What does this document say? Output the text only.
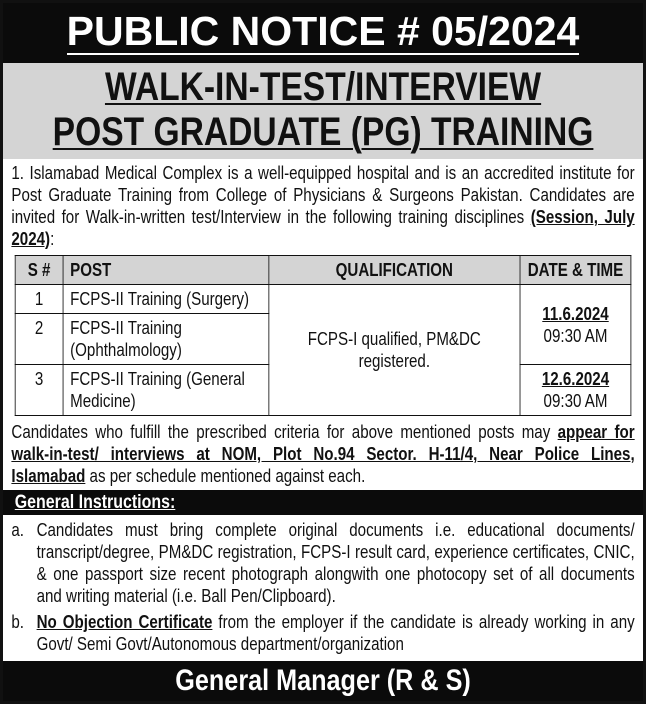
PUBLIC NOTICE # 05/2024
WALK-IN-TEST/INTERVIEW
POST GRADUATE (PG) TRAINING
1. Islamabad Medical Complex is a well-equipped hospital and is an accredited institute for Post Graduate Training from College of Physicians & Surgeons Pakistan. Candidates are invited for Walk-in-written test/Interview in the following training disciplines (Session, July 2024):
S #	POST	QUALIFICATION	DATE & TIME
1	FCPS-II Training (Surgery)	FCPS-I qualified, PM&DC registered.	11.6.2024
09:30 AM
2	FCPS-II Training (Ophthalmology)		
3	FCPS-II Training (General Medicine)		12.6.2024
09:30 AM
Candidates who fulfill the prescribed criteria for above mentioned posts may appear for walk-in-test/ interviews at NOM, Plot No.94 Sector. H-11/4, Near Police Lines, Islamabad as per schedule mentioned against each.
General Instructions:
a. Candidates must bring complete original documents i.e. educational documents/ transcript/degree, PM&DC registration, FCPS-I result card, experience certificates, CNIC, & one passport size recent photograph alongwith one photocopy set of all documents and writing material (i.e. Ball Pen/Clipboard).
b. No Objection Certificate from the employer if the candidate is already working in any Govt/ Semi Govt/Autonomous department/organization
General Manager (R & S)
